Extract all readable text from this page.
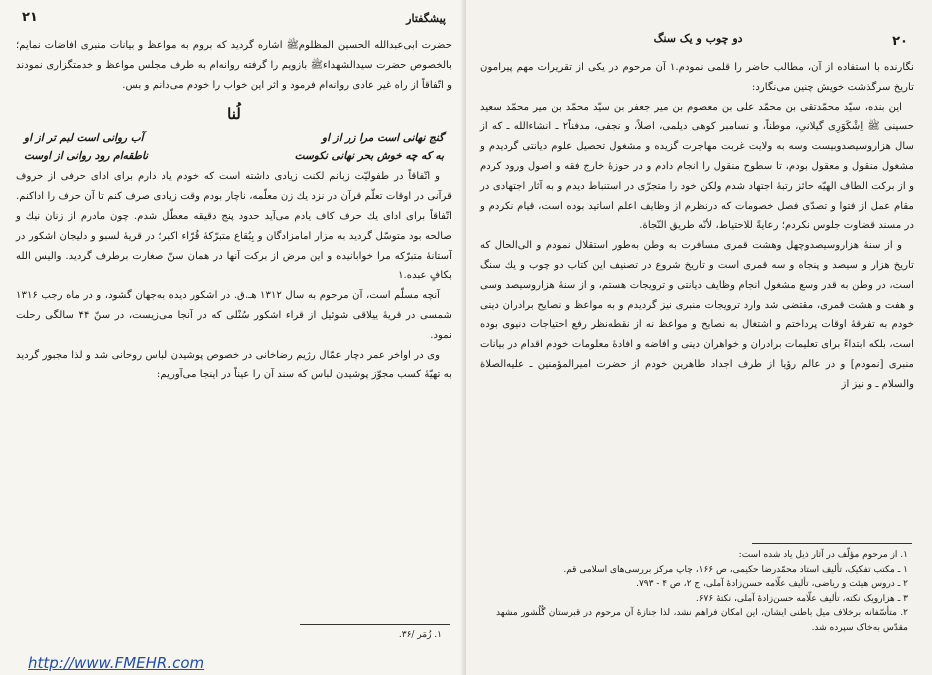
۲۱	پیشگفتار

حضرت ابی‌عبدالله الحسین المظلوم‌ﷺ اشاره گردید که بروم به مواعظ و بیانات منبری افاضات نمایم؛ بالخصوص حضرت سیدالشهداءﷺ بازویم را گرفته روانه‌ام به طرف مجلس مواعظ و خدمتگزاری نمودند و اتّفاقاً از راه غیر عادی روانه‌ام فرمود و اثر این خواب را خودم می‌دانم و بس.

لُنا
گنج نهانی است مرا زر از او
آب روانی است لبم تر از او
به که چه خوش بحر نهانی نکوست
ناطقه‌ام رود روانی از اوست

و اتّفاقاً در طفولیّت زبانم لکنت زیادی داشته است که خودم یاد دارم برای ادای حرفی از حروف قرآنی در اوقات تعلّم قرآن در نزد یك زن معلّمه، ناچار بودم وقت زیادی صرف کنم تا آن حرف را اداکنم. اتّفاقاً برای ادای یك حرف کاف یادم می‌آید حدود پنج دقیقه معطّل شدم. چون مادرم از زنان نیك و صالحه بود متوسّل گردید به مزار امامزادگان و بِبُقاع متبرّکهٔ قُرّاء اکبر؛ در قریهٔ لسبو و دلیجان اشکور در آستانهٔ متبرّکه مرا خوابانیده و این مرض از برکت آنها در همان سنّ صغارت برطرف گردید. والیس الله بکافٍ عبده.۱

آنچه مسلّم است، آن مرحوم به سال ۱۳۱۲ هـ.ق. در اشکور دیده به‌جهان گشود، و در ماه رجب ۱۳۱۶ شمسی در قریهٔ ییلاقی شوئیل از قراء اشکور سُنْلی که در آنجا می‌زیست، در سنّ ۴۴ سالگی رحلت نمود.

وی در اواخر عمر دچار عمّال رژیم رضاخانی در خصوص پوشیدن لباس روحانی شد و لذا مجبور گردید به تهیّهٔ کسب مجوّز پوشیدن لباس که سند آن را عیناً در اینجا می‌آوریم:

۱. زُمَر /۳۶.

۲۰
دو چوب و یک سنگ

نگارنده با استفاده از آن، مطالب حاضر را قلمی نمودم.۱ آن مرحوم در یکی از تقریرات مهم پیرامون تاریخ سرگذشت خویش چنین می‌نگارد:

این بنده، سیّد محمّدتقی بن محمّد علی بن معصوم بن میر جعفر بن سیّد محمّد بن میر محمّد سعید حسینی ﷺ اِشْکَوَرِی گیلانیِ، موطناً، و نسامبر کوهی دیلمی، اصلاً، و نجفی، مدفناً۲ ـ انشاءالله ـ که از سال هزاروسیصدوبیست وسه به ولایت غربت مهاجرت گزیده و مشغول تحصیل علوم دیانتی گردیدم و مشغول منقول و معقول بودم، تا سطوح منقول را انجام دادم و در حوزهٔ خارج فقه و اصول ورود کردم و از برکت الطاف الهیّه حائز رتبهٔ اجتهاد شدم ولکن خود را متجرّی در استنباط دیدم و به آثار اجتهادی در مقام عمل از فتوا و تصدّی فصل خصومات که درنظرم از وظایف اعلم اساتید بوده است، قیام نکردم و در مسند قضاوت جلوس نکردم؛ رعایةً للاحتیاط، لأنّه طریق النّجاة.

و از سنهٔ هزاروسیصدوچهل وهشت قمری مسافرت به وطن به‌طور استقلال نمودم و الی‌الحال که تاریخ هزار و سیصد و پنجاه و سه قمری است و تاریخ شروع در تصنیف این کتاب دو چوب و یك سنگ است، در وطن به قدر وسع مشغول انجام وظایف دیانتی و ترویجات هستم، و از سنهٔ هزاروسیصد وسی و هفت و هشت قمری، مقتضی شد وارد ترویجات منبری نیز گردیدم و به مواعظ و نصایح برادران دینی خودم به تفرقهٔ اوقات پرداختم و اشتغال به نصایح و مواعظ نه از نقطه‌نظر رفع احتیاجات دنیوی بوده است، بلکه ابتداءً برای تعلیمات برادران و خواهران دینی و افاضه و افادهٔ معلومات خودم اقدام در بیانات منبری [نمودم] و در عالم رؤیا از طرف اجداد طاهرین خودم از حضرت امیرالمؤمنین ـ علیه‌الصلاة والسلام ـ و نیز از

۱. از مرحوم مؤلّف در آثار ذیل یاد شده است:

۱ ـ مکتب تفکیک، تألیف استاد محمّدرضا حکیمی، ص ۱۶۶، چاپ مرکز بررسی‌های اسلامی قم.

۲ ـ دروس هیئت و ریاضی، تألیف علّامه حسن‌زادهٔ آملی، ج ۲، ص ۴ - ۷۹۳.

۳ ـ هزارویک نکته، تألیف علّامه حسن‌زادهٔ آملی، نکتهٔ ۶۷۶.

۲. متأسّفانه برخلاف میل باطنی ایشان، این امکان فراهم نشد، لذا جنازهٔ آن مرحوم در قبرستان گُلُشور مشهد مقدّس به‌خاک سپرده شد.

http://www.FMEHR.com
